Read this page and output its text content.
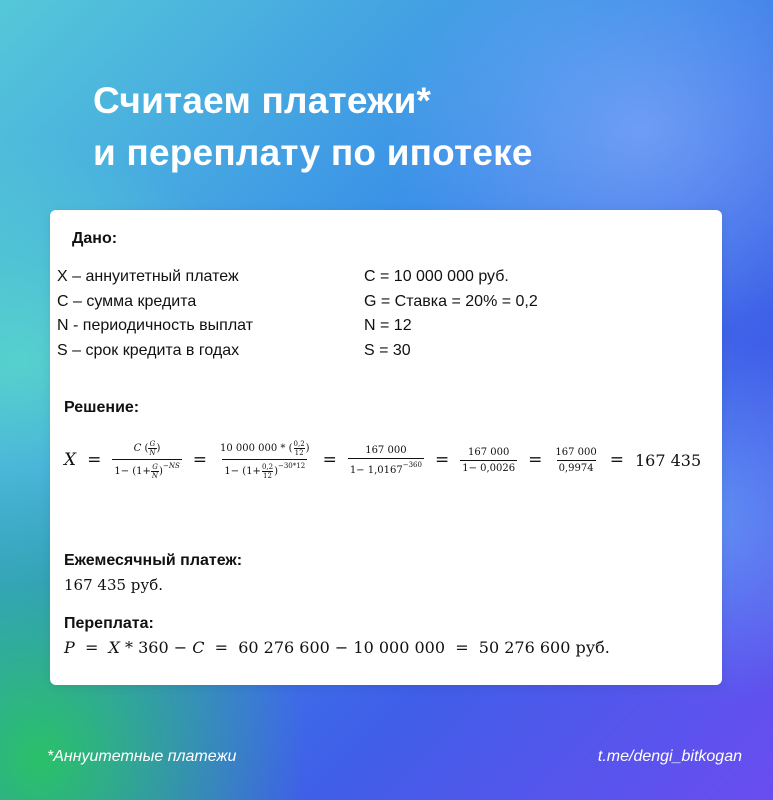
Считаем платежи*
и переплату по ипотеке

Дано:

X – аннуитетный платеж	C = 10 000 000 руб.
C – сумма кредита	G = Ставка = 20% = 0,2
N - периодичность выплат	N = 12
S – срок кредита в годах	S = 30

Решение:

$X = \frac{C ( \frac{G}{N} )}{1- (1+ \frac{G}{N} )^{-NS}} = \frac{10 000 000 * ( \frac{0,2}{12} )}{1- (1+ \frac{0,2}{12} )^{-30*12}} = \frac{167 000}{1- 1,0167^{-360}} = \frac{167 000}{1- 0,0026} = \frac{167 000}{0,9974} = 167$ 435

Ежемесячный платеж:

167 435 руб.

Переплата:

P = X * 360 − C = 60 276 600 − 10 000 000 = 50 276 600 руб.
*Аннуитетные платежи	t.me/dengi_bitkogan
